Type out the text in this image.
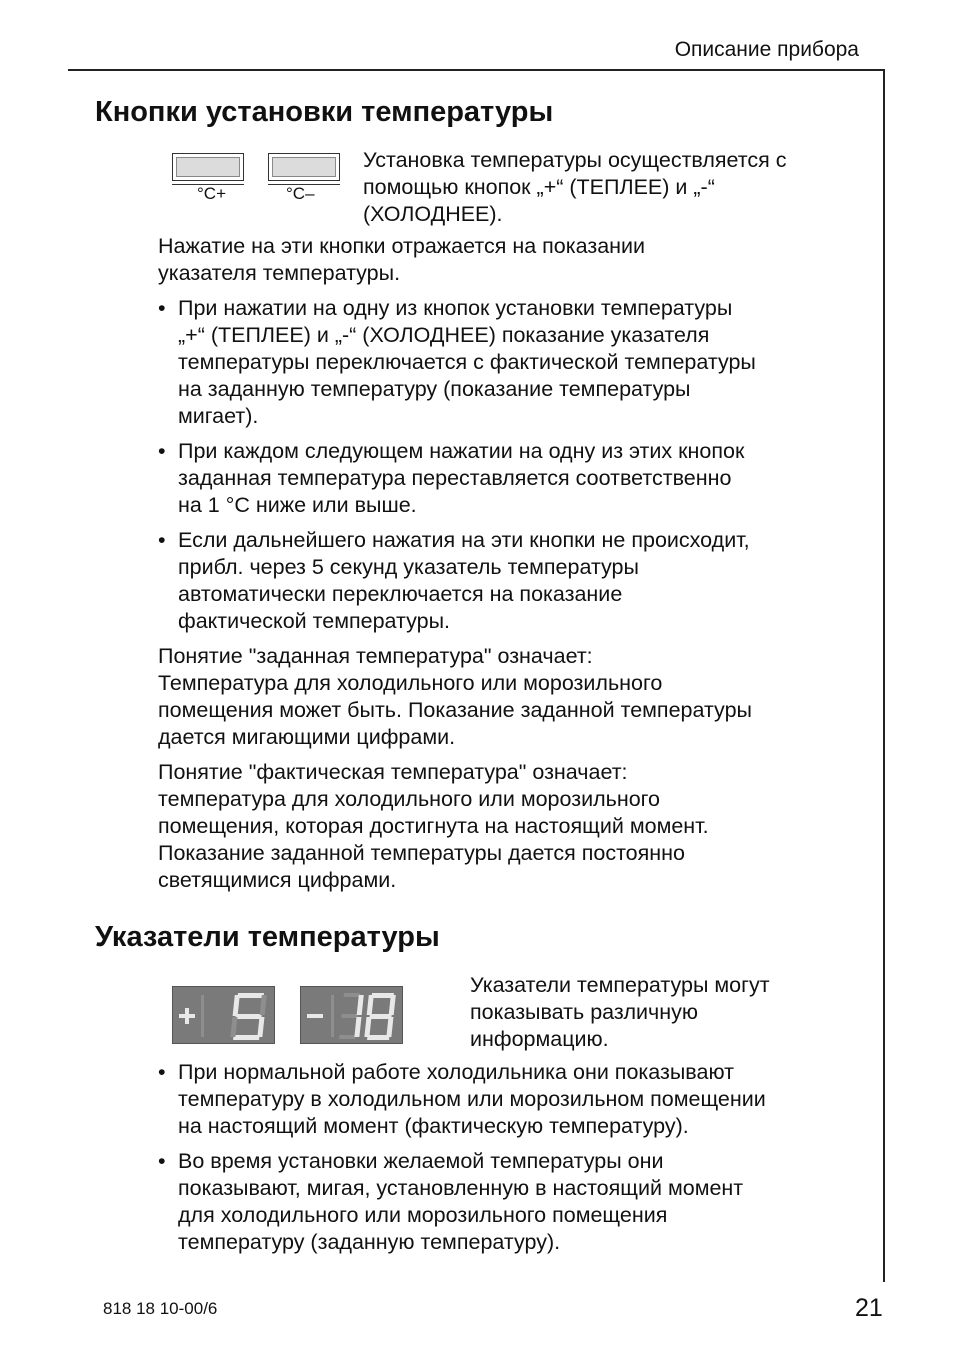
Описание прибора
Кнопки установки температуры
°C+	°C–
Установка температуры осуществляется с
помощью кнопок „+“ (ТЕПЛЕЕ) и „-“
(ХОЛОДНЕЕ).

Нажатие на эти кнопки отражается на показании
указателя температуры.

• При нажатии на одну из кнопок установки температуры
„+“ (ТЕПЛЕЕ) и „-“ (ХОЛОДНЕЕ) показание указателя
температуры переключается с фактической температуры
на заданную температуру (показание температуры
мигает).
• При каждом следующем нажатии на одну из этих кнопок
заданная температура переставляется соответственно
на 1 °С ниже или выше.
• Если дальнейшего нажатия на эти кнопки не происходит,
прибл. через 5 секунд указатель температуры
автоматически переключается на показание
фактической температуры.

Понятие "заданная температура" означает:
Температура для холодильного или морозильного
помещения может быть. Показание заданной температуры
дается мигающими цифрами.

Понятие "фактическая температура" означает:
температура для холодильного или морозильного
помещения, которая достигнута на настоящий момент.
Показание заданной температуры дается постоянно
светящимися цифрами.

Указатели температуры
Указатели температуры могут
показывать различную
информацию.
• При нормальной работе холодильника они показывают
температуру в холодильном или морозильном помещении
на настоящий момент (фактическую температуру).
• Во время установки желаемой температуры они
показывают, мигая, установленную в настоящий момент
для холодильного или морозильного помещения
температуру (заданную температуру).
818 18 10-00/6	21
